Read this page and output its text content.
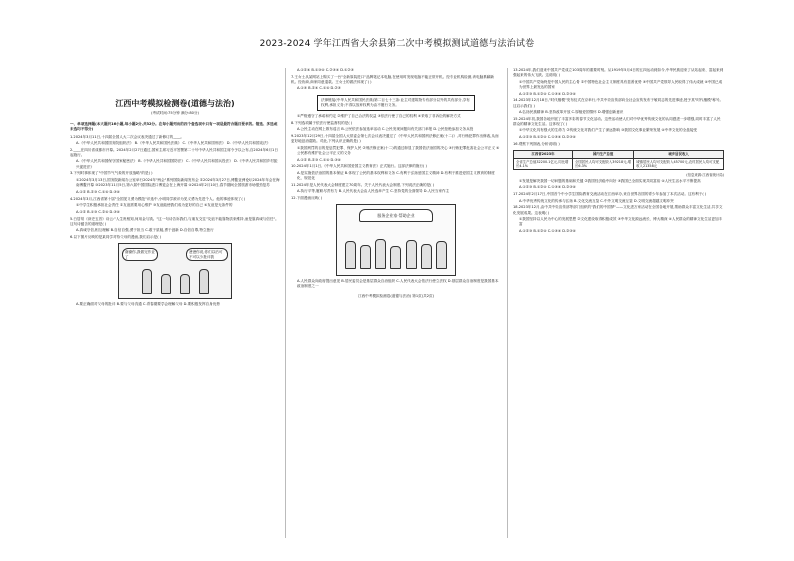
2023-2024 学年江西省大余县第二次中考模拟测试道德与法治试卷
江西中考模拟检测卷(道德与法治)
(考试时间:75分钟 满分:80分)
一、单项选择题(本大题共16小题,每小题2分,共32分。在每小题列出的四个备选项中只有一项是最符合题目要求的。错选、多选或未选均不得分)

1.2024年3月11日,十四届全国人大二次会议表决通过了新修订的____。

A.《中华人民共和国国务院组织法》 B.《中华人民共和国民法典》 C.《中华人民共和国刑法》 D.《中华人民共和国宪法》

2.____在四川省成都市开幕。2024年2月27日通过,国家主席习近平签署第二十号中华人民共和国主席令予以公布,自2024年6月1日起施行。

A.《中华人民共和国保守国家秘密法》 B.《中华人民共和国国防法》 C.《中华人民共和国兵役法》 D.《中华人民共和国乡村振兴促进法》

3.下列时事体现了"中国节气气象的开放战略"的是( )

①2024年3月13日,国务院新闻办公室举行2024年"两会"系列国际新闻发布会 ②2024年3月27日,博鳌亚洲论坛2024年年会在海南博鳌开幕 ③2023年11月5日,第六届中国国际进口博览会在上海开幕 ④2024年2月10日,春节期间全国旅游市场强劲复苏

A.①② B.②③ C.①④ D.③④

4.2024年3月,江西省第十届"全国见义勇为模范"评选中,小明同学被评为见义勇为先进个人。他的事迹体现了( )

①中学生积极承担社会责任 ②友谊需要用心维护 ③友谊能使我们成为更好的自己 ④友谊是无条件的

A.①② B.①③ C.②④ D.③④

5.白居易《读史五首》诗云:"人生贵相知,何用金与钱。"这一句诗告诉我们,与朋友交往"友谊不能靠物质来维持,而是靠真诚与信任"。这句诗蕴含的道理是( )

A.真诚守信,相互理解 B.自信自强,勇于担当 C.敢于质疑,勇于创新 D.自信自尊,特立独行

6.以下图片反映的是某同学对待父母的漫画,我们启示是( )

谢谢你,我做完作业了
爸爸你说,你们以后可不可以少批评我

A.要正确面对父母的批评 B.要与父母沟通 C.青春期要学会理解父母 D.要积极发挥自身优势

A.①②④ B.①③④ C.②③④ D.①②③

7.王女士从某网站上购买了一台"全新原装进口"品牌笔记本电脑,在使用时发现电脑不能正常开机。经专业机构检测,该电脑系翻新机。经协商,商家同意退款。王女士的做法体现了( )

A.①③ B.②④ C.①④ D.②③

法律链接(中华人民共和国民法典)第二百七十三条:业主对建筑物专有部分以外的共有部分,享有权利,承担义务;不得以放弃权利为由不履行义务。

①严格遵守了承诺和约定 ②维护了自己合法的权益 ③依法行使了自己的权利 ④采取了非诉讼的解决方式

8.下列选项属于依法行使监督权的是( )

A.公民主动在网上散布谣言 B.公民依法参加选举活动 C.公民发现问题向有关部门举报 D.公民拒绝参加义务兵役

9.2023年12月29日,十四届全国人大常委会第七次会议表决通过了《中华人民共和国刑法修正案(十二)》,对行贿犯罪作出修改,从而更好地惩治腐败。对此,下列认识正确的是( )

①我国刑罚的目的是惩罚犯罪、保护人民 ②刑法修正案(十二)的通过彰显了我国依法治国的决心 ③行贿犯罪危害社会公平正义 ④公民都有维护社会公平正义的义务

A.①② B.②③ C.①④ D.③④

10.2024年1月1日,《中华人民共和国爱国主义教育法》正式施行。这部法律的施行( )

A.是实施依法治国的基本保证 B.体现了公民的基本权利和义务 C.有利于弘扬爱国主义精神 D.有利于推进爱国主义教育的制度化、规范化

11.2024年是人民代表大会制度建立70周年。关于人民代表大会制度,下列说法正确的是( )

A.执行平等,履职尽责有力 B.人民代表大会由人民选举产生 C.坚持党的全面领导 D.人民当家作主

12.下面漫画反映( )

服务企业家·帮助企业

A.人民群众向政府提出意见 B.居民委员会是基层群众自治组织 C.人民代表大会依法行使立法权 D.基层群众自治制度是我国基本政治制度之一

江西中考模拟检测卷(道德与法治) 第1页(共2页)

13.2024年,我们迎来中国共产党成立103周年的重要时刻。从1919年5月4日的五四运动到如今,中华民族迎来了从站起来、富起来到强起来的伟大飞跃。这说明( )

①中国共产党始终是中国人民的主心骨 ②中国特色社会主义制度具有显著优势 ③中国共产党领导人民取得了伟大成就 ④中国已成为世界上最发达的国家

A.①②③ B.①②④ C.①③④ D.②③④

14.2023年12月18日,"时代楷模"发布仪式在京举行,中共中央宣传部向全社会宣传发布于敏同志的先进事迹,授予其"时代楷模"称号。这启示我们( )

A.弘扬民族精神 B.坚持改革开放 C.厚植爱国情怀 D.增强创新意识

15.2024年初,我国各地开展了丰富多彩的春节文化活动。这些活动使人们对中华优秀传统文化的认同感进一步增强,同时丰富了人民群众的精神文化生活。这体现了( )

①中华文化具有强大的生命力 ②传统文化对我们产生了深远影响 ③我国文化事业繁荣发展 ④中华文化的全盘接受

A.①②③ B.①②④ C.①③④ D.②③④

16.观察下列图表,分析说明( )

江西省2023年	国内生产总值	城乡居民收入
全省生产总值32200.1亿元,同比增长4.1%	全国居民人均可支配收入39218元,增长6.3%	城镇居民人均可支配收入45700元,农村居民人均可支配收入21358元
(信息来源:江西省统计局)

①发展是解决我国一切问题的基础和关键 ②我国经济稳中向好 ③我国已全面实现共同富裕 ④人民生活水平不断提高

A.①②③ B.①②④ C.①③④ D.②③④

17.2024年2月17日,中国首个中小学生国际教育交流活动在江西举办,来自世界各国的青少年参加了本次活动。这有利于( )

A.中华优秀传统文化的传承与弘扬 B.文化交流互鉴 C.中外文明交流互鉴 D.文明交流超越文明冲突

18.2023年12月,由中共中央宣传部等部门组织的"我们的中国梦"——文化进万家活动在全国各地开展,帮助群众丰富文化生活,共享文化发展成果。这表明( )

①我国坚持以人民为中心的发展思想 ②文化建设取得积极成效 ③中华文化源远流长、博大精深 ④人民群众的精神文化生活更加丰富

A.①②③ B.①②④ C.①③④ D.②③④
